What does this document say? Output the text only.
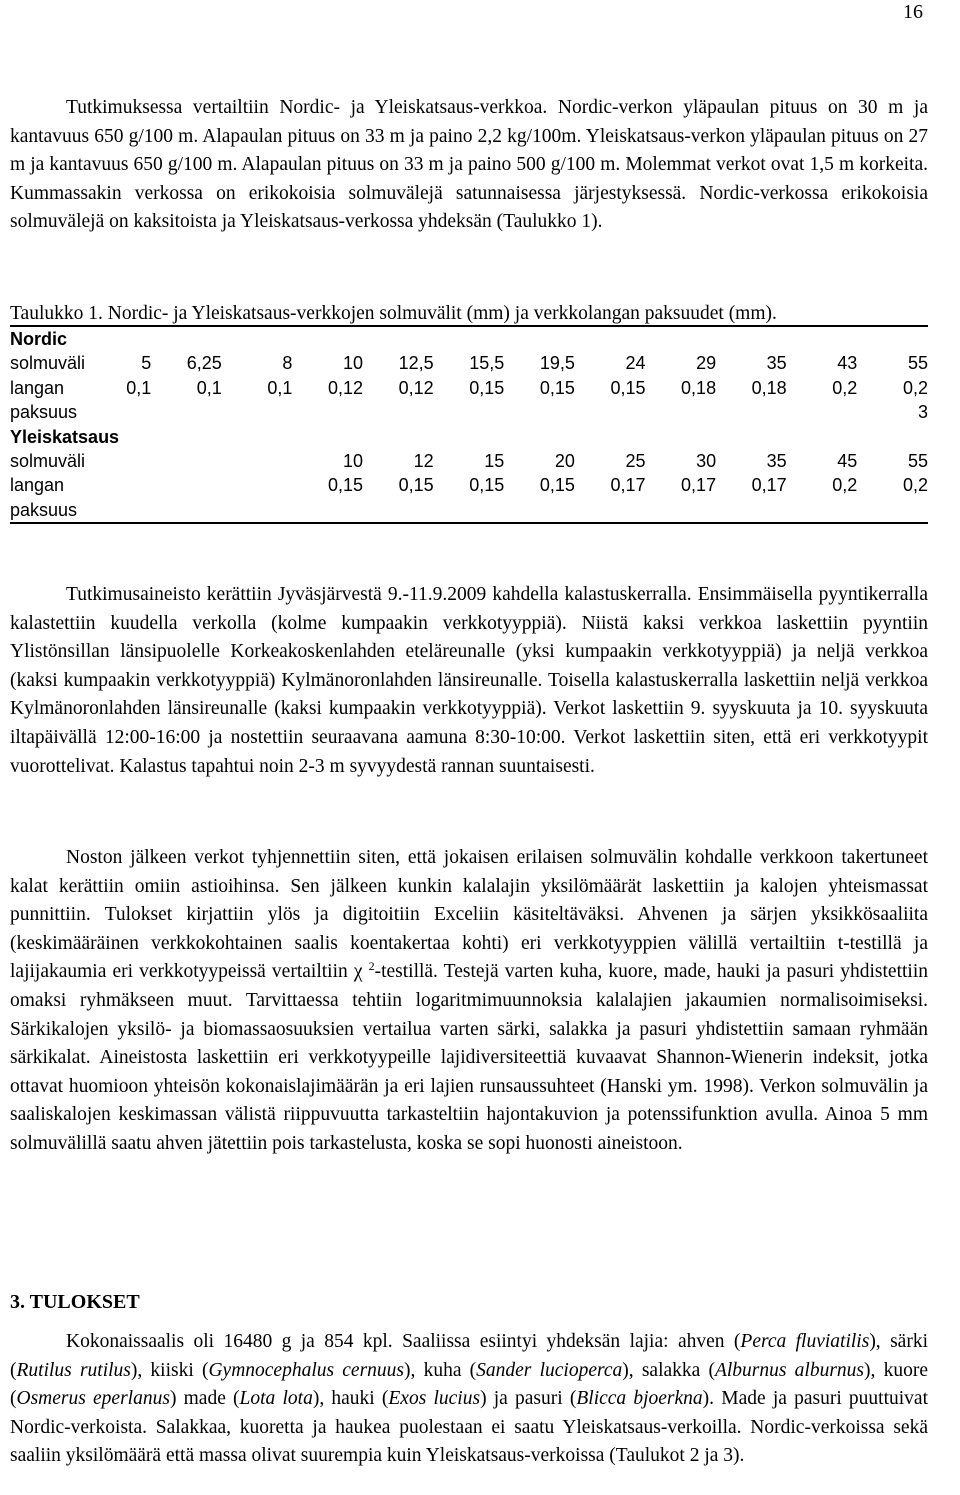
16

Tutkimuksessa vertailtiin Nordic- ja Yleiskatsaus-verkkoa. Nordic-verkon yläpaulan pituus on 30 m ja kantavuus 650 g/100 m. Alapaulan pituus on 33 m ja paino 2,2 kg/100m. Yleiskatsaus-verkon yläpaulan pituus on 27 m ja kantavuus 650 g/100 m. Alapaulan pituus on 33 m ja paino 500 g/100 m. Molemmat verkot ovat 1,5 m korkeita. Kummassakin verkossa on erikokoisia solmuvälejä satunnaisessa järjestyksessä. Nordic-verkossa erikokoisia solmuvälejä on kaksitoista ja Yleiskatsaus-verkossa yhdeksän (Taulukko 1).

Taulukko 1. Nordic- ja Yleiskatsaus-verkkojen solmuvälit (mm) ja verkkolangan paksuudet (mm).
Nordic												
solmuväli	5	6,25	8	10	12,5	15,5	19,5	24	29	35	43	55
langan	0,1	0,1	0,1	0,12	0,12	0,15	0,15	0,15	0,18	0,18	0,2	0,2
paksuus												3
Yleiskatsaus												
solmuväli				10	12	15	20	25	30	35	45	55
langan				0,15	0,15	0,15	0,15	0,17	0,17	0,17	0,2	0,2
paksuus												

Tutkimusaineisto kerättiin Jyväsjärvestä 9.-11.9.2009 kahdella kalastuskerralla. Ensimmäisella pyyntikerralla kalastettiin kuudella verkolla (kolme kumpaakin verkkotyyppiä). Niistä kaksi verkkoa laskettiin pyyntiin Ylistönsillan länsipuolelle Korkeakoskenlahden eteläreunalle (yksi kumpaakin verkkotyyppiä) ja neljä verkkoa (kaksi kumpaakin verkkotyyppiä) Kylmänoronlahden länsireunalle. Toisella kalastuskerralla laskettiin neljä verkkoa Kylmänoronlahden länsireunalle (kaksi kumpaakin verkkotyyppiä). Verkot laskettiin 9. syyskuuta ja 10. syyskuuta iltapäivällä 12:00-16:00 ja nostettiin seuraavana aamuna 8:30-10:00. Verkot laskettiin siten, että eri verkkotyypit vuorottelivat. Kalastus tapahtui noin 2-3 m syvyydestä rannan suuntaisesti.

Noston jälkeen verkot tyhjennettiin siten, että jokaisen erilaisen solmuvälin kohdalle verkkoon takertuneet kalat kerättiin omiin astioihinsa. Sen jälkeen kunkin kalalajin yksilömäärät laskettiin ja kalojen yhteismassat punnittiin. Tulokset kirjattiin ylös ja digitoitiin Exceliin käsiteltäväksi. Ahvenen ja särjen yksikkösaaliita (keskimääräinen verkkokohtainen saalis koentakertaa kohti) eri verkkotyyppien välillä vertailtiin t-testillä ja lajijakaumia eri verkkotyypeissä vertailtiin χ $^2$-testillä. Testejä varten kuha, kuore, made, hauki ja pasuri yhdistettiin omaksi ryhmäkseen muut. Tarvittaessa tehtiin logaritmimuunnoksia kalalajien jakaumien normalisoimiseksi. Särkikalojen yksilö- ja biomassaosuuksien vertailua varten särki, salakka ja pasuri yhdistettiin samaan ryhmään särkikalat. Aineistosta laskettiin eri verkkotyypeille lajidiversiteettiä kuvaavat Shannon-Wienerin indeksit, jotka ottavat huomioon yhteisön kokonaislajimäärän ja eri lajien runsaussuhteet (Hanski ym. 1998). Verkon solmuvälin ja saaliskalojen keskimassan välistä riippuvuutta tarkasteltiin hajontakuvion ja potenssifunktion avulla. Ainoa 5 mm solmuvälillä saatu ahven jätettiin pois tarkastelusta, koska se sopi huonosti aineistoon.

3. TULOKSET

Kokonaissaalis oli 16480 g ja 854 kpl. Saaliissa esiintyi yhdeksän lajia: ahven (Perca fluviatilis), särki (Rutilus rutilus), kiiski (Gymnocephalus cernuus), kuha (Sander lucioperca), salakka (Alburnus alburnus), kuore (Osmerus eperlanus) made (Lota lota), hauki (Exos lucius) ja pasuri (Blicca bjoerkna). Made ja pasuri puuttuivat Nordic-verkoista. Salakkaa, kuoretta ja haukea puolestaan ei saatu Yleiskatsaus-verkoilla. Nordic-verkoissa sekä saaliin yksilömäärä että massa olivat suurempia kuin Yleiskatsaus-verkoissa (Taulukot 2 ja 3).
